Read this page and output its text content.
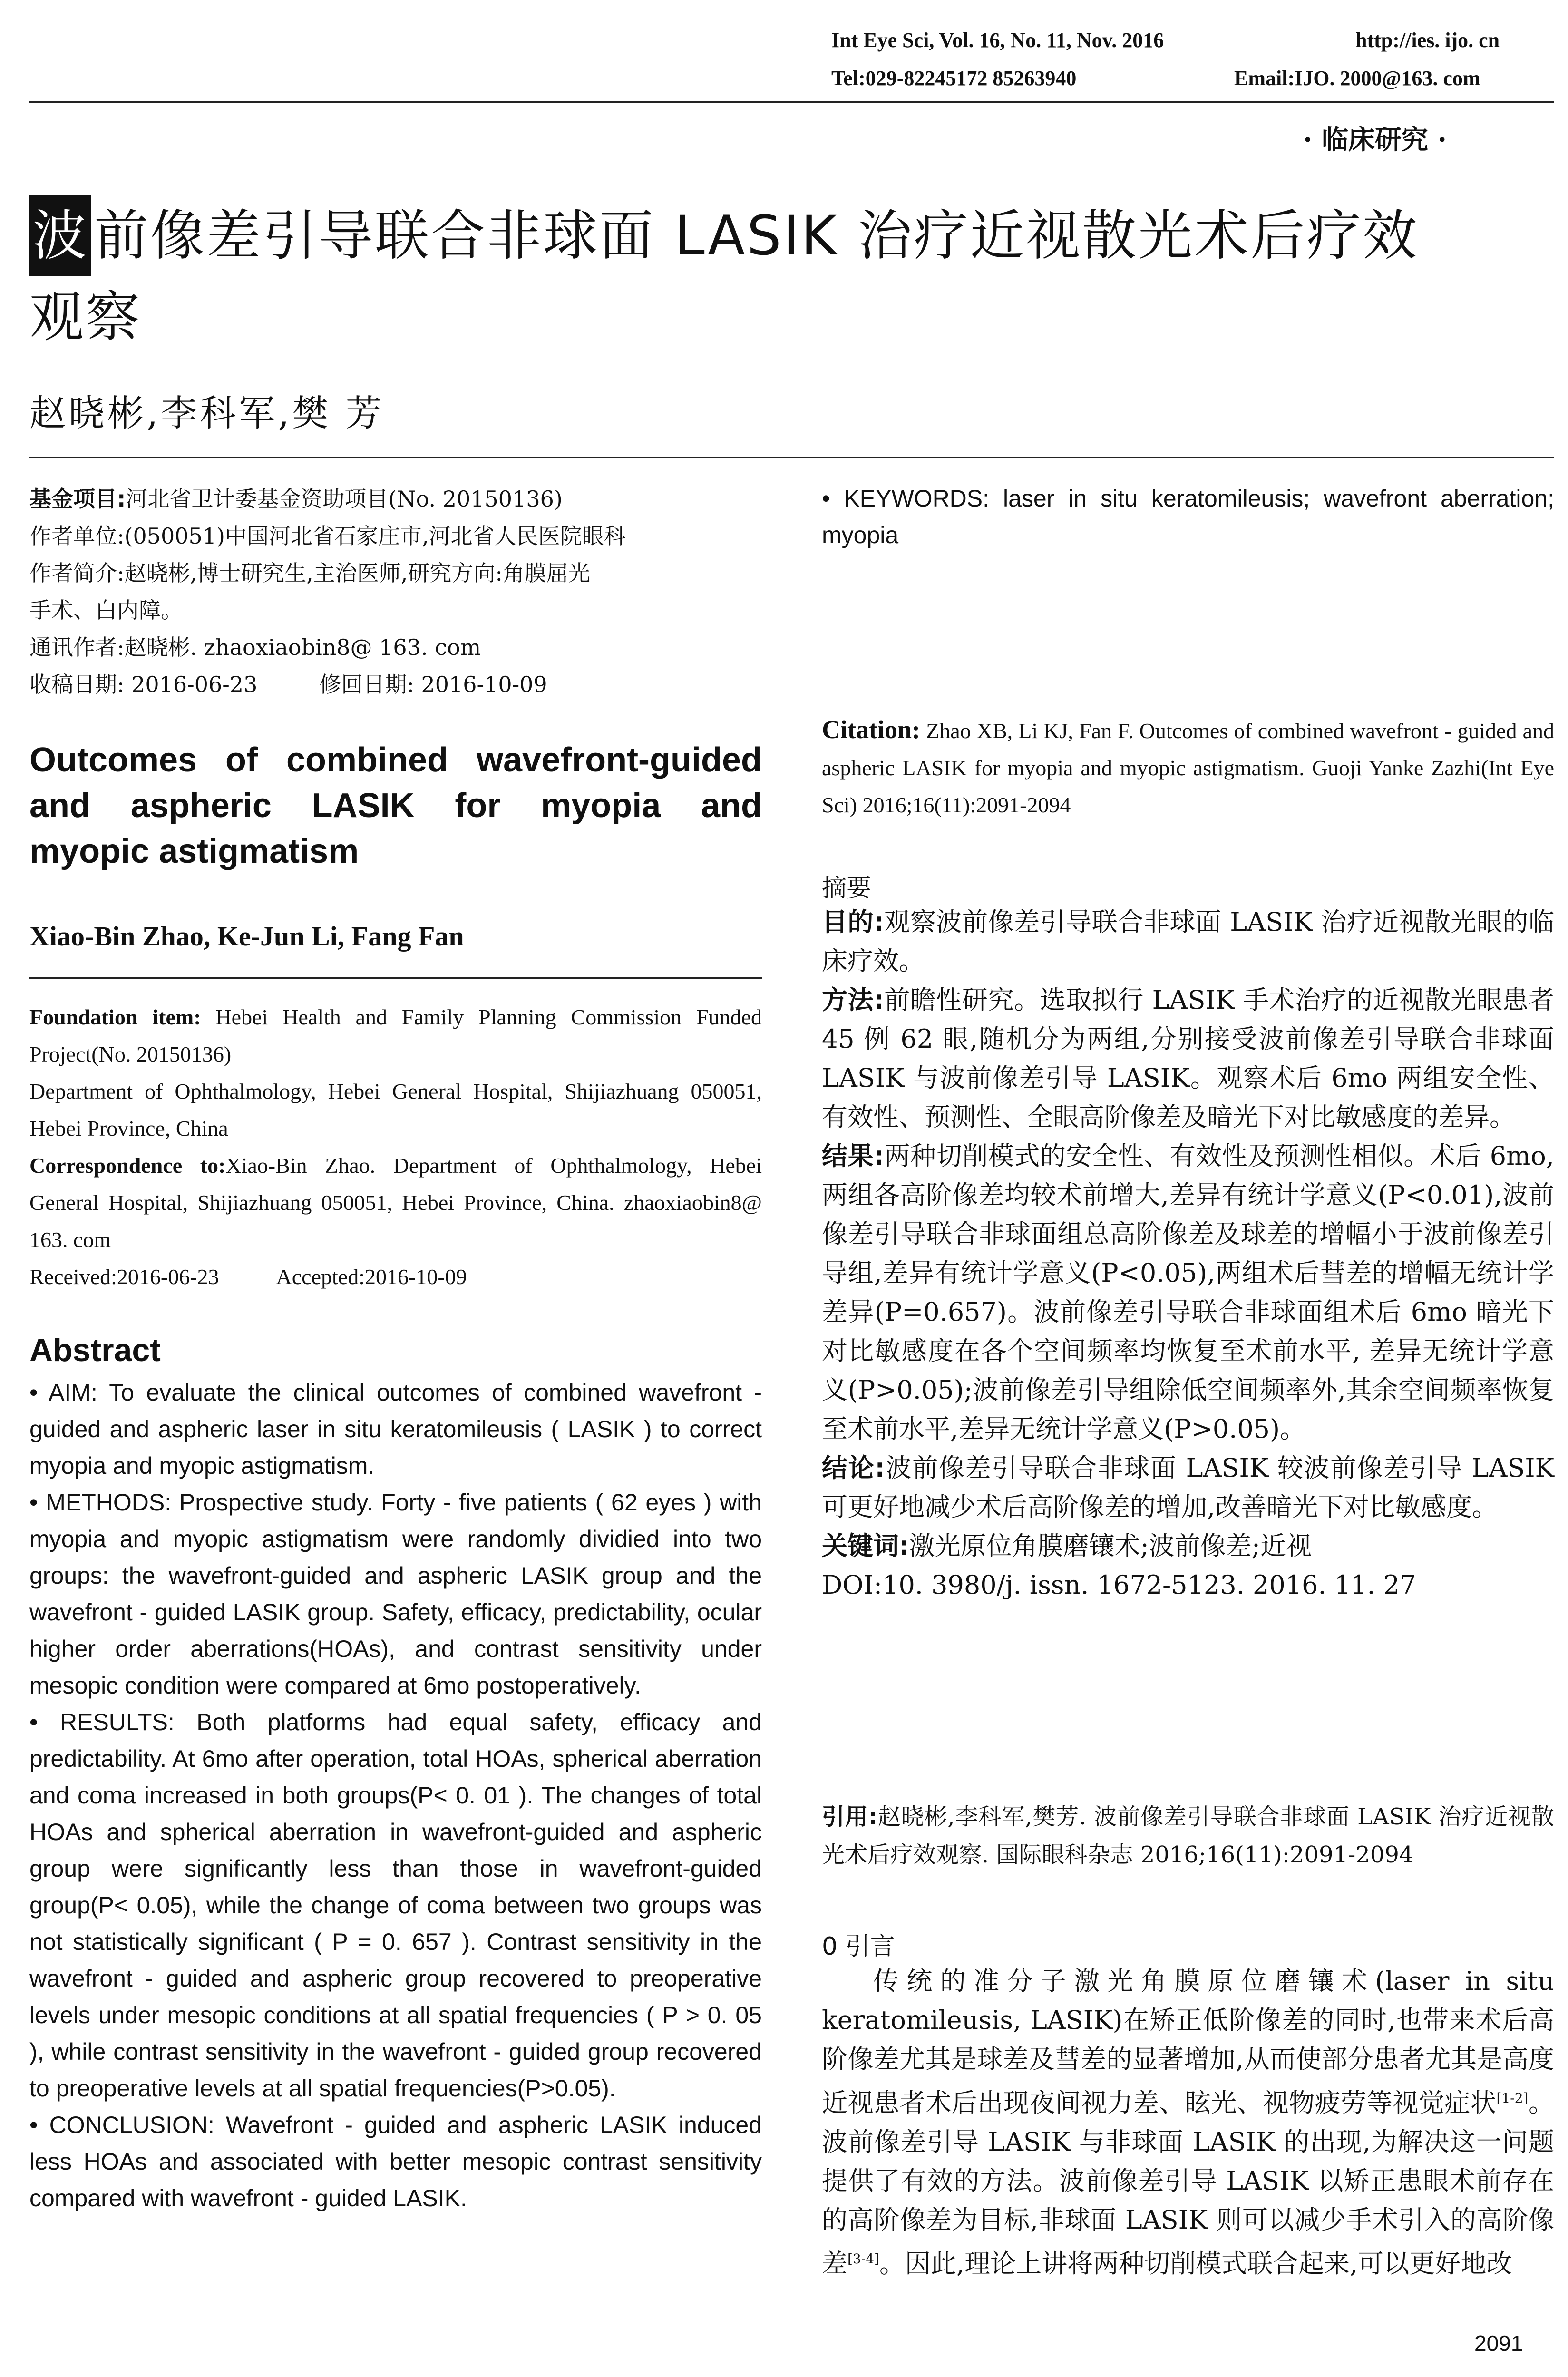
Int Eye Sci, Vol. 16, No. 11, Nov. 2016	http://ies. ijo. cn
Tel:029-82245172 85263940	Email:IJO. 2000@163. com
· 临床研究 ·
波 前像差引导联合非球面 LASIK 治疗近视散光术后疗效
观察
赵晓彬,李科军,樊 芳
基金项目:河北省卫计委基金资助项目(No. 20150136)
作者单位:(050051)中国河北省石家庄市,河北省人民医院眼科
作者简介:赵晓彬,博士研究生,主治医师,研究方向:角膜屈光
手术、白内障。
通讯作者:赵晓彬. zhaoxiaobin8@ 163. com
收稿日期: 2016-06-23	修回日期: 2016-10-09
Outcomes of combined wavefront-guided
and aspheric LASIK for myopia and
myopic astigmatism
Xiao-Bin Zhao, Ke-Jun Li, Fang Fan
Foundation item: Hebei Health and Family Planning Commission Funded Project(No. 20150136)
Department of Ophthalmology, Hebei General Hospital, Shijiazhuang 050051, Hebei Province, China
Correspondence to:Xiao-Bin Zhao. Department of Ophthalmology, Hebei General Hospital, Shijiazhuang 050051, Hebei Province, China. zhaoxiaobin8@ 163. com
Received:2016-06-23	Accepted:2016-10-09
Abstract

• AIM: To evaluate the clinical outcomes of combined wavefront - guided and aspheric laser in situ keratomileusis ( LASIK ) to correct myopia and myopic astigmatism.

• METHODS: Prospective study. Forty - five patients ( 62 eyes ) with myopia and myopic astigmatism were randomly dividied into two groups: the wavefront-guided and aspheric LASIK group and the wavefront - guided LASIK group. Safety, efficacy, predictability, ocular higher order aberrations(HOAs), and contrast sensitivity under mesopic condition were compared at 6mo postoperatively.

• RESULTS: Both platforms had equal safety, efficacy and predictability. At 6mo after operation, total HOAs, spherical aberration and coma increased in both groups(P< 0. 01 ). The changes of total HOAs and spherical aberration in wavefront-guided and aspheric group were significantly less than those in wavefront-guided group(P< 0.05), while the change of coma between two groups was not statistically significant ( P = 0. 657 ). Contrast sensitivity in the wavefront - guided and aspheric group recovered to preoperative levels under mesopic conditions at all spatial frequencies ( P > 0. 05 ), while contrast sensitivity in the wavefront - guided group recovered to preoperative levels at all spatial frequencies(P>0.05).

• CONCLUSION: Wavefront - guided and aspheric LASIK induced less HOAs and associated with better mesopic contrast sensitivity compared with wavefront - guided LASIK.

• KEYWORDS: laser in situ keratomileusis; wavefront aberration; myopia

Citation: Zhao XB, Li KJ, Fan F. Outcomes of combined wavefront - guided and aspheric LASIK for myopia and myopic astigmatism. Guoji Yanke Zazhi(Int Eye Sci) 2016;16(11):2091-2094
摘要

目的:观察波前像差引导联合非球面 LASIK 治疗近视散光眼的临床疗效。

方法:前瞻性研究。选取拟行 LASIK 手术治疗的近视散光眼患者 45 例 62 眼,随机分为两组,分别接受波前像差引导联合非球面 LASIK 与波前像差引导 LASIK。观察术后 6mo 两组安全性、有效性、预测性、全眼高阶像差及暗光下对比敏感度的差异。

结果:两种切削模式的安全性、有效性及预测性相似。术后 6mo,两组各高阶像差均较术前增大,差异有统计学意义(P<0.01),波前像差引导联合非球面组总高阶像差及球差的增幅小于波前像差引导组,差异有统计学意义(P<0.05),两组术后彗差的增幅无统计学差异(P=0.657)。波前像差引导联合非球面组术后 6mo 暗光下对比敏感度在各个空间频率均恢复至术前水平, 差异无统计学意义(P>0.05);波前像差引导组除低空间频率外,其余空间频率恢复至术前水平,差异无统计学意义(P>0.05)。

结论:波前像差引导联合非球面 LASIK 较波前像差引导 LASIK 可更好地减少术后高阶像差的增加,改善暗光下对比敏感度。

关键词:激光原位角膜磨镶术;波前像差;近视

DOI:10. 3980/j. issn. 1672-5123. 2016. 11. 27

引用:赵晓彬,李科军,樊芳. 波前像差引导联合非球面 LASIK 治疗近视散光术后疗效观察. 国际眼科杂志 2016;16(11):2091-2094
0 引言
传统的准分子激光角膜原位磨镶术(laser in situ keratomileusis, LASIK)在矫正低阶像差的同时,也带来术后高阶像差尤其是球差及彗差的显著增加,从而使部分患者尤其是高度近视患者术后出现夜间视力差、眩光、视物疲劳等视觉症状[1-2]。波前像差引导 LASIK 与非球面 LASIK 的出现,为解决这一问题提供了有效的方法。波前像差引导 LASIK 以矫正患眼术前存在的高阶像差为目标,非球面 LASIK 则可以减少手术引入的高阶像差[3-4]。因此,理论上讲将两种切削模式联合起来,可以更好地改
2091
